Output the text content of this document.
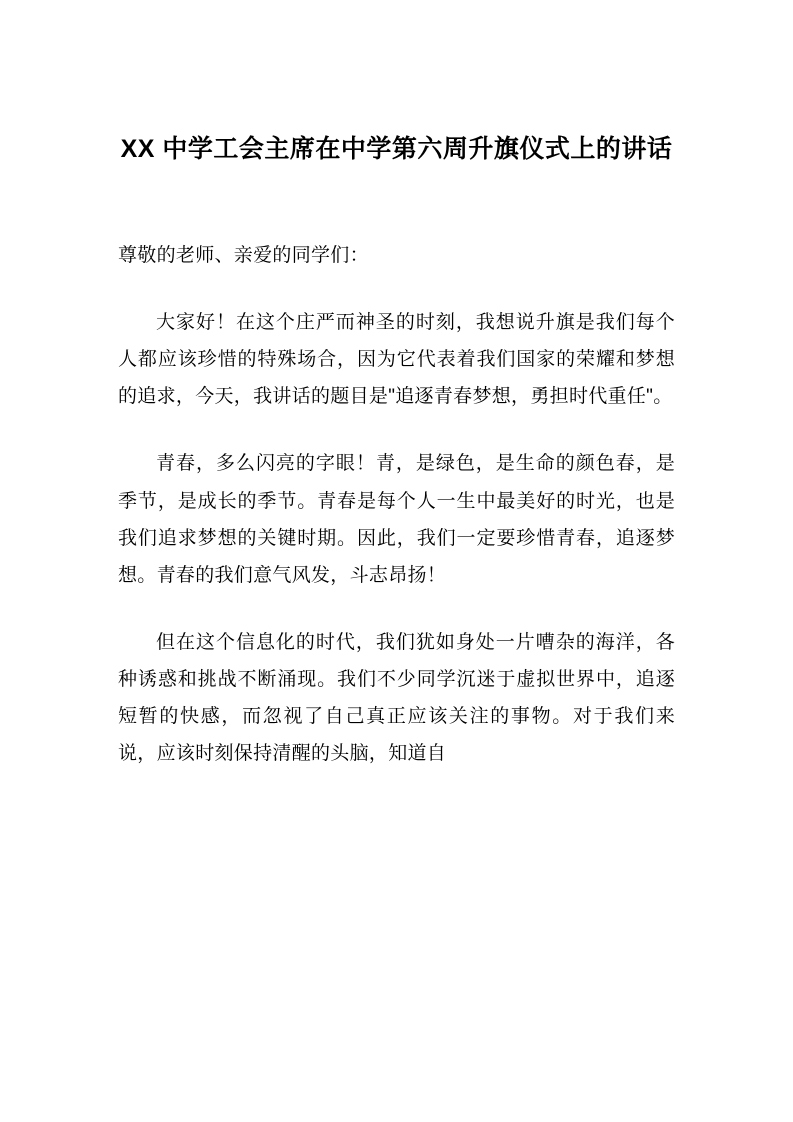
XX 中学工会主席在中学第六周升旗仪式上的讲话

尊敬的老师、亲爱的同学们：

大家好！在这个庄严而神圣的时刻，我想说升旗是我们每个人都应该珍惜的特殊场合，因为它代表着我们国家的荣耀和梦想的追求，今天，我讲话的题目是"追逐青春梦想，勇担时代重任"。

青春，多么闪亮的字眼！青，是绿色，是生命的颜色春，是季节，是成长的季节。青春是每个人一生中最美好的时光，也是我们追求梦想的关键时期。因此，我们一定要珍惜青春，追逐梦想。青春的我们意气风发，斗志昂扬！

但在这个信息化的时代，我们犹如身处一片嘈杂的海洋，各种诱惑和挑战不断涌现。我们不少同学沉迷于虚拟世界中，追逐短暂的快感，而忽视了自己真正应该关注的事物。对于我们来说，应该时刻保持清醒的头脑，知道自
